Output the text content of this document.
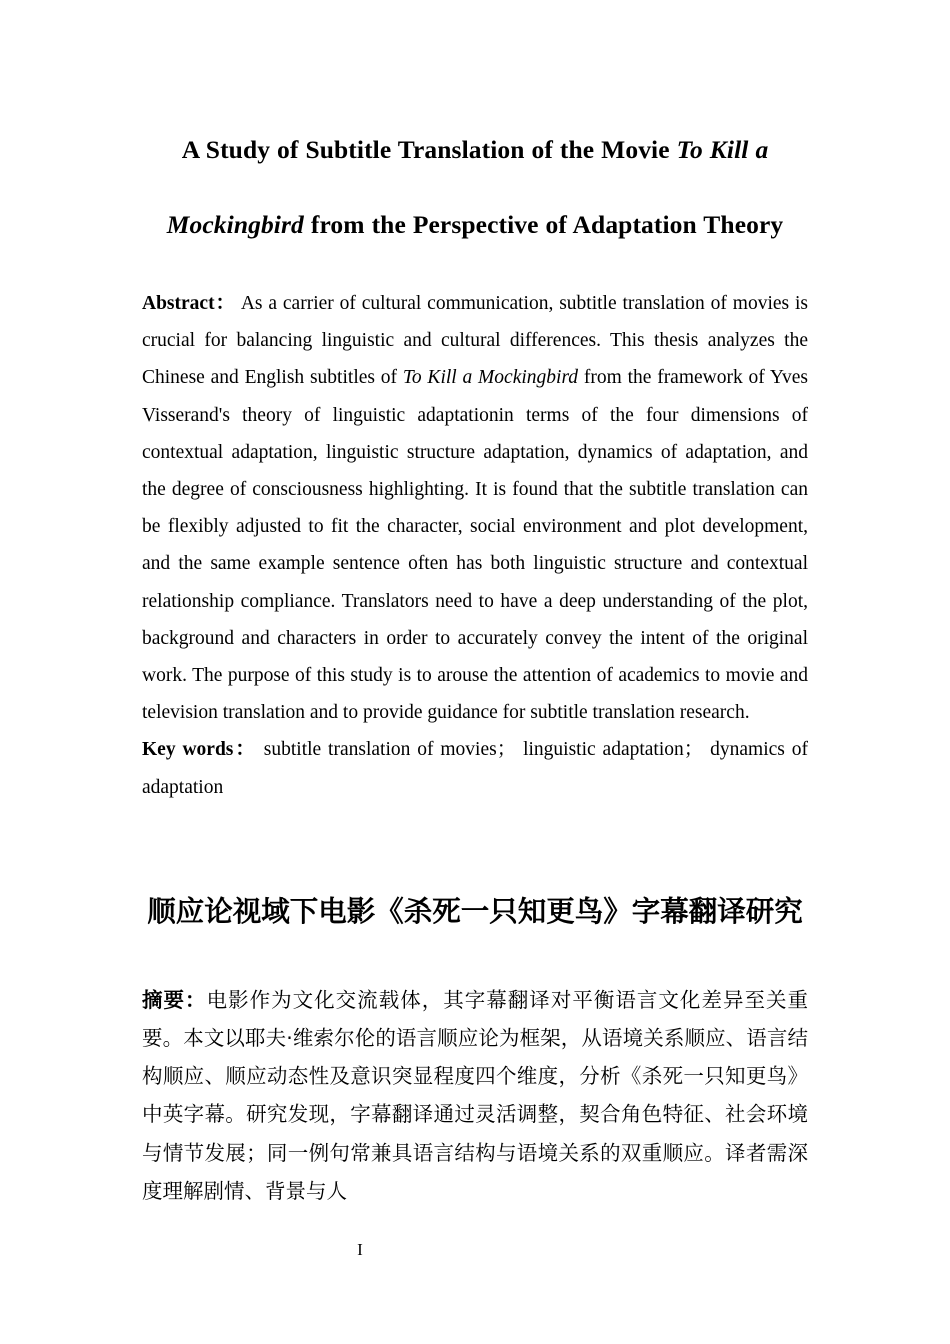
A Study of Subtitle Translation of the Movie To Kill a Mockingbird from the Perspective of Adaptation Theory

Abstract： As a carrier of cultural communication, subtitle translation of movies is crucial for balancing linguistic and cultural differences. This thesis analyzes the Chinese and English subtitles of To Kill a Mockingbird from the framework of Yves Visserand's theory of linguistic adaptationin terms of the four dimensions of contextual adaptation, linguistic structure adaptation, dynamics of adaptation, and the degree of consciousness highlighting. It is found that the subtitle translation can be flexibly adjusted to fit the character, social environment and plot development, and the same example sentence often has both linguistic structure and contextual relationship compliance. Translators need to have a deep understanding of the plot, background and characters in order to accurately convey the intent of the original work. The purpose of this study is to arouse the attention of academics to movie and television translation and to provide guidance for subtitle translation research.

Key words： subtitle translation of movies； linguistic adaptation； dynamics of adaptation

顺应论视域下电影《杀死一只知更鸟》字幕翻译研究

摘要：电影作为文化交流载体，其字幕翻译对平衡语言文化差异至关重要。本文以耶夫·维索尔伦的语言顺应论为框架，从语境关系顺应、语言结构顺应、顺应动态性及意识突显程度四个维度，分析《杀死一只知更鸟》中英字幕。研究发现，字幕翻译通过灵活调整，契合角色特征、社会环境与情节发展；同一例句常兼具语言结构与语境关系的双重顺应。译者需深度理解剧情、背景与人

I
